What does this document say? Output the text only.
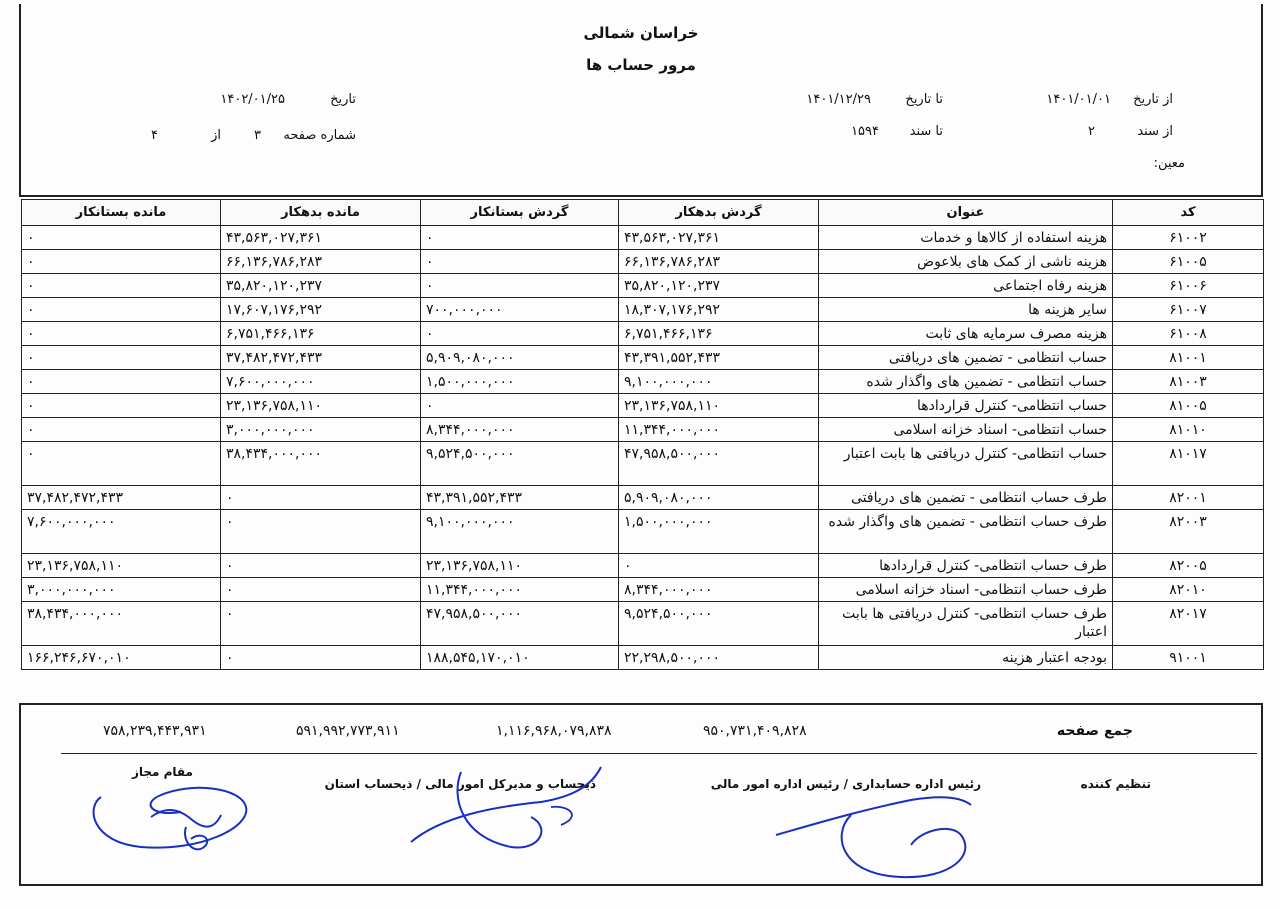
خراسان شمالی
مرور حساب ها
از تاریخ
۱۴۰۱/۰۱/۰۱
تا تاریخ
۱۴۰۱/۱۲/۲۹
تاریخ
۱۴۰۲/۰۱/۲۵
از سند
۲
تا سند
۱۵۹۴
شماره صفحه
۳
از
۴
معین:
کد	عنوان	گردش بدهکار	گردش بستانکار	مانده بدهکار	مانده بستانکار
۶۱۰۰۲	هزینه استفاده از کالاها و خدمات	۴۳,۵۶۳,۰۲۷,۳۶۱	۰	۴۳,۵۶۳,۰۲۷,۳۶۱	۰
۶۱۰۰۵	هزینه ناشی از کمک های بلاعوض	۶۶,۱۳۶,۷۸۶,۲۸۳	۰	۶۶,۱۳۶,۷۸۶,۲۸۳	۰
۶۱۰۰۶	هزینه رفاه اجتماعی	۳۵,۸۲۰,۱۲۰,۲۳۷	۰	۳۵,۸۲۰,۱۲۰,۲۳۷	۰
۶۱۰۰۷	سایر هزینه ها	۱۸,۳۰۷,۱۷۶,۲۹۲	۷۰۰,۰۰۰,۰۰۰	۱۷,۶۰۷,۱۷۶,۲۹۲	۰
۶۱۰۰۸	هزینه مصرف سرمایه های ثابت	۶,۷۵۱,۴۶۶,۱۳۶	۰	۶,۷۵۱,۴۶۶,۱۳۶	۰
۸۱۰۰۱	حساب انتظامی - تضمین های دریافتی	۴۳,۳۹۱,۵۵۲,۴۳۳	۵,۹۰۹,۰۸۰,۰۰۰	۳۷,۴۸۲,۴۷۲,۴۳۳	۰
۸۱۰۰۳	حساب انتظامی - تضمین های واگذار شده	۹,۱۰۰,۰۰۰,۰۰۰	۱,۵۰۰,۰۰۰,۰۰۰	۷,۶۰۰,۰۰۰,۰۰۰	۰
۸۱۰۰۵	حساب انتظامی- کنترل قراردادها	۲۳,۱۳۶,۷۵۸,۱۱۰	۰	۲۳,۱۳۶,۷۵۸,۱۱۰	۰
۸۱۰۱۰	حساب انتظامی- اسناد خزانه اسلامی	۱۱,۳۴۴,۰۰۰,۰۰۰	۸,۳۴۴,۰۰۰,۰۰۰	۳,۰۰۰,۰۰۰,۰۰۰	۰
۸۱۰۱۷	حساب انتظامی- کنترل دریافتی ها بابت اعتبار	۴۷,۹۵۸,۵۰۰,۰۰۰	۹,۵۲۴,۵۰۰,۰۰۰	۳۸,۴۳۴,۰۰۰,۰۰۰	۰
۸۲۰۰۱	طرف حساب انتظامی - تضمین های دریافتی	۵,۹۰۹,۰۸۰,۰۰۰	۴۳,۳۹۱,۵۵۲,۴۳۳	۰	۳۷,۴۸۲,۴۷۲,۴۳۳
۸۲۰۰۳	طرف حساب انتظامی - تضمین های واگذار شده	۱,۵۰۰,۰۰۰,۰۰۰	۹,۱۰۰,۰۰۰,۰۰۰	۰	۷,۶۰۰,۰۰۰,۰۰۰
۸۲۰۰۵	طرف حساب انتظامی- کنترل قراردادها	۰	۲۳,۱۳۶,۷۵۸,۱۱۰	۰	۲۳,۱۳۶,۷۵۸,۱۱۰
۸۲۰۱۰	طرف حساب انتظامی- اسناد خزانه اسلامی	۸,۳۴۴,۰۰۰,۰۰۰	۱۱,۳۴۴,۰۰۰,۰۰۰	۰	۳,۰۰۰,۰۰۰,۰۰۰
۸۲۰۱۷	طرف حساب انتظامی- کنترل دریافتی ها بابت اعتبار	۹,۵۲۴,۵۰۰,۰۰۰	۴۷,۹۵۸,۵۰۰,۰۰۰	۰	۳۸,۴۳۴,۰۰۰,۰۰۰
۹۱۰۰۱	بودجه اعتبار هزینه	۲۲,۲۹۸,۵۰۰,۰۰۰	۱۸۸,۵۴۵,۱۷۰,۰۱۰	۰	۱۶۶,۲۴۶,۶۷۰,۰۱۰
جمع صفحه
۹۵۰,۷۳۱,۴۰۹,۸۲۸
۱,۱۱۶,۹۶۸,۰۷۹,۸۳۸
۵۹۱,۹۹۲,۷۷۳,۹۱۱
۷۵۸,۲۳۹,۴۴۳,۹۳۱
تنظیم کننده
رئیس اداره حسابداری / رئیس اداره امور مالی
ذیحساب و مدیرکل امور مالی / ذیحساب استان
مقام مجاز
